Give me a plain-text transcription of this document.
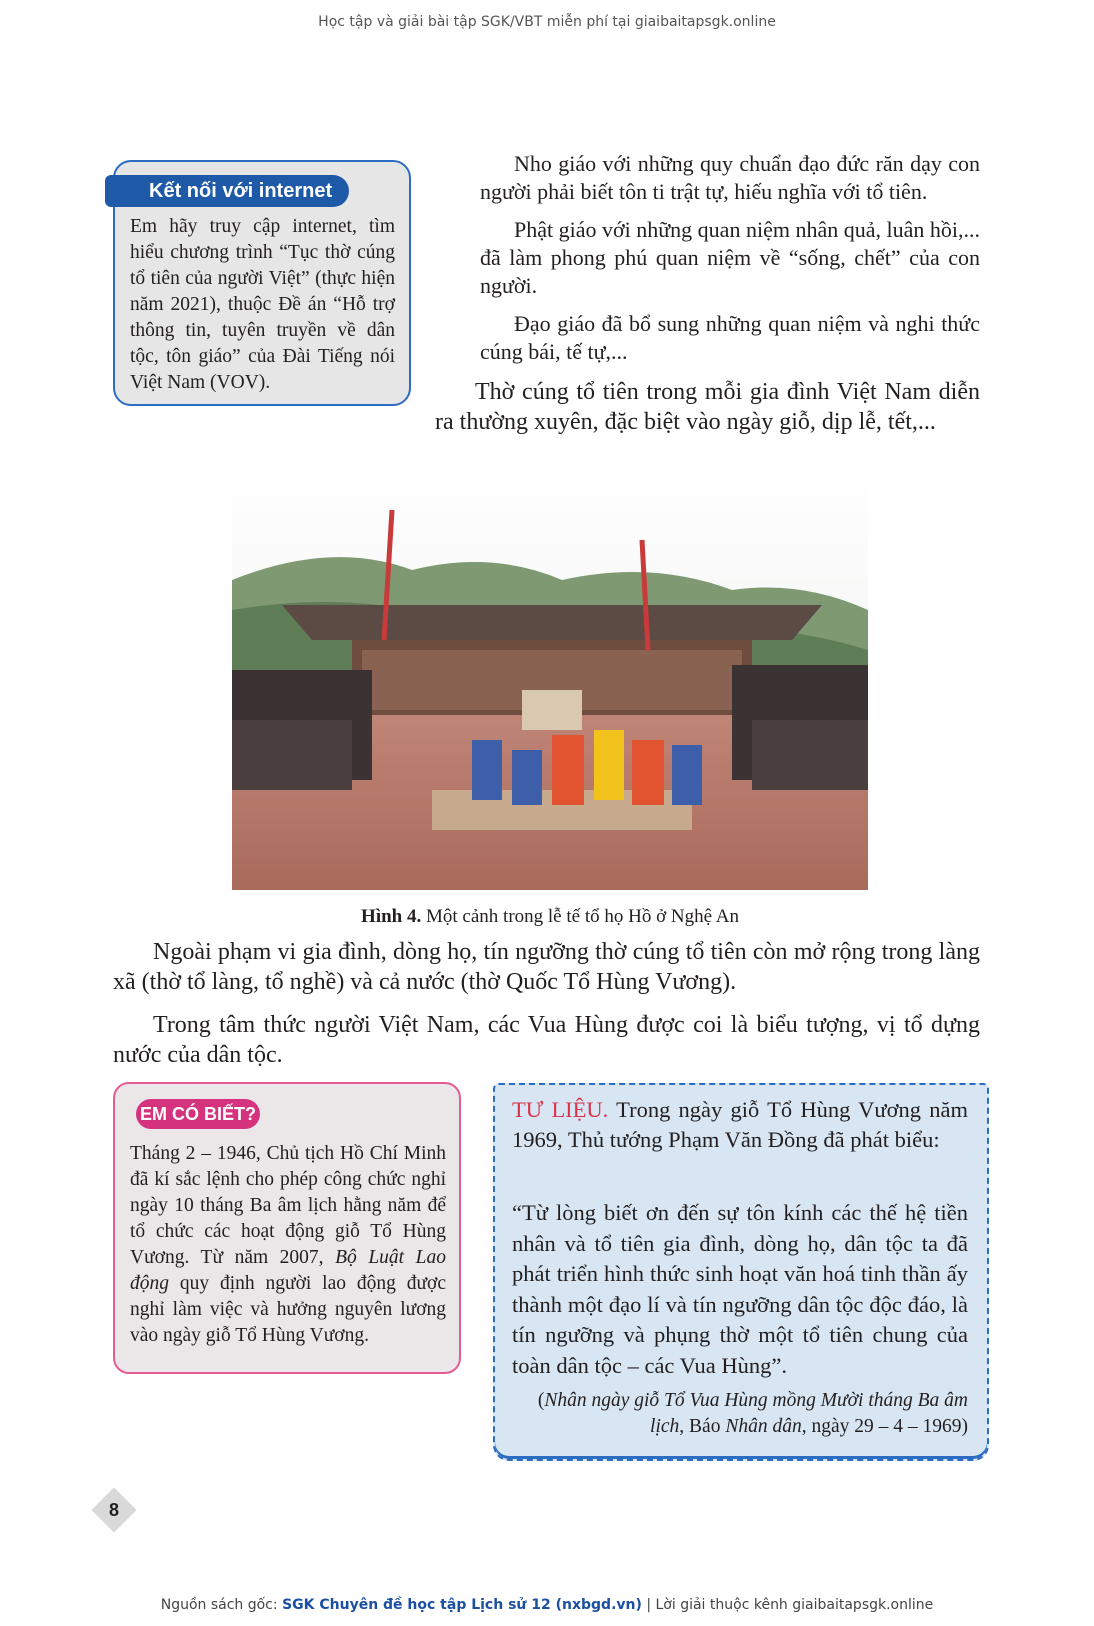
Học tập và giải bài tập SGK/VBT miễn phí tại giaibaitapsgk.online
Kết nối với internet
Em hãy truy cập internet, tìm hiểu chương trình “Tục thờ cúng tổ tiên của người Việt” (thực hiện năm 2021), thuộc Đề án “Hỗ trợ thông tin, tuyên truyền về dân tộc, tôn giáo” của Đài Tiếng nói Việt Nam (VOV).
Nho giáo với những quy chuẩn đạo đức răn dạy con người phải biết tôn ti trật tự, hiếu nghĩa với tổ tiên.
Phật giáo với những quan niệm nhân quả, luân hồi,... đã làm phong phú quan niệm về “sống, chết” của con người.
Đạo giáo đã bổ sung những quan niệm và nghi thức cúng bái, tế tự,...
Thờ cúng tổ tiên trong mỗi gia đình Việt Nam diễn ra thường xuyên, đặc biệt vào ngày giỗ, dịp lễ, tết,...
Hình 4. Một cảnh trong lễ tế tổ họ Hồ ở Nghệ An
Ngoài phạm vi gia đình, dòng họ, tín ngưỡng thờ cúng tổ tiên còn mở rộng trong làng xã (thờ tổ làng, tổ nghề) và cả nước (thờ Quốc Tổ Hùng Vương).
Trong tâm thức người Việt Nam, các Vua Hùng được coi là biểu tượng, vị tổ dựng nước của dân tộc.
EM CÓ BIẾT?
Tháng 2 – 1946, Chủ tịch Hồ Chí Minh đã kí sắc lệnh cho phép công chức nghỉ ngày 10 tháng Ba âm lịch hằng năm để tổ chức các hoạt động giỗ Tổ Hùng Vương. Từ năm 2007, Bộ Luật Lao động quy định người lao động được nghỉ làm việc và hưởng nguyên lương vào ngày giỗ Tổ Hùng Vương.
TƯ LIỆU. Trong ngày giỗ Tổ Hùng Vương năm 1969, Thủ tướng Phạm Văn Đồng đã phát biểu:
“Từ lòng biết ơn đến sự tôn kính các thế hệ tiền nhân và tổ tiên gia đình, dòng họ, dân tộc ta đã phát triển hình thức sinh hoạt văn hoá tinh thần ấy thành một đạo lí và tín ngưỡng dân tộc độc đáo, là tín ngưỡng và phụng thờ một tổ tiên chung của toàn dân tộc – các Vua Hùng”.
(Nhân ngày giỗ Tổ Vua Hùng mồng Mười tháng Ba âm lịch, Báo Nhân dân, ngày 29 – 4 – 1969)
8
Nguồn sách gốc: SGK Chuyên đề học tập Lịch sử 12 (nxbgd.vn) | Lời giải thuộc kênh giaibaitapsgk.online
